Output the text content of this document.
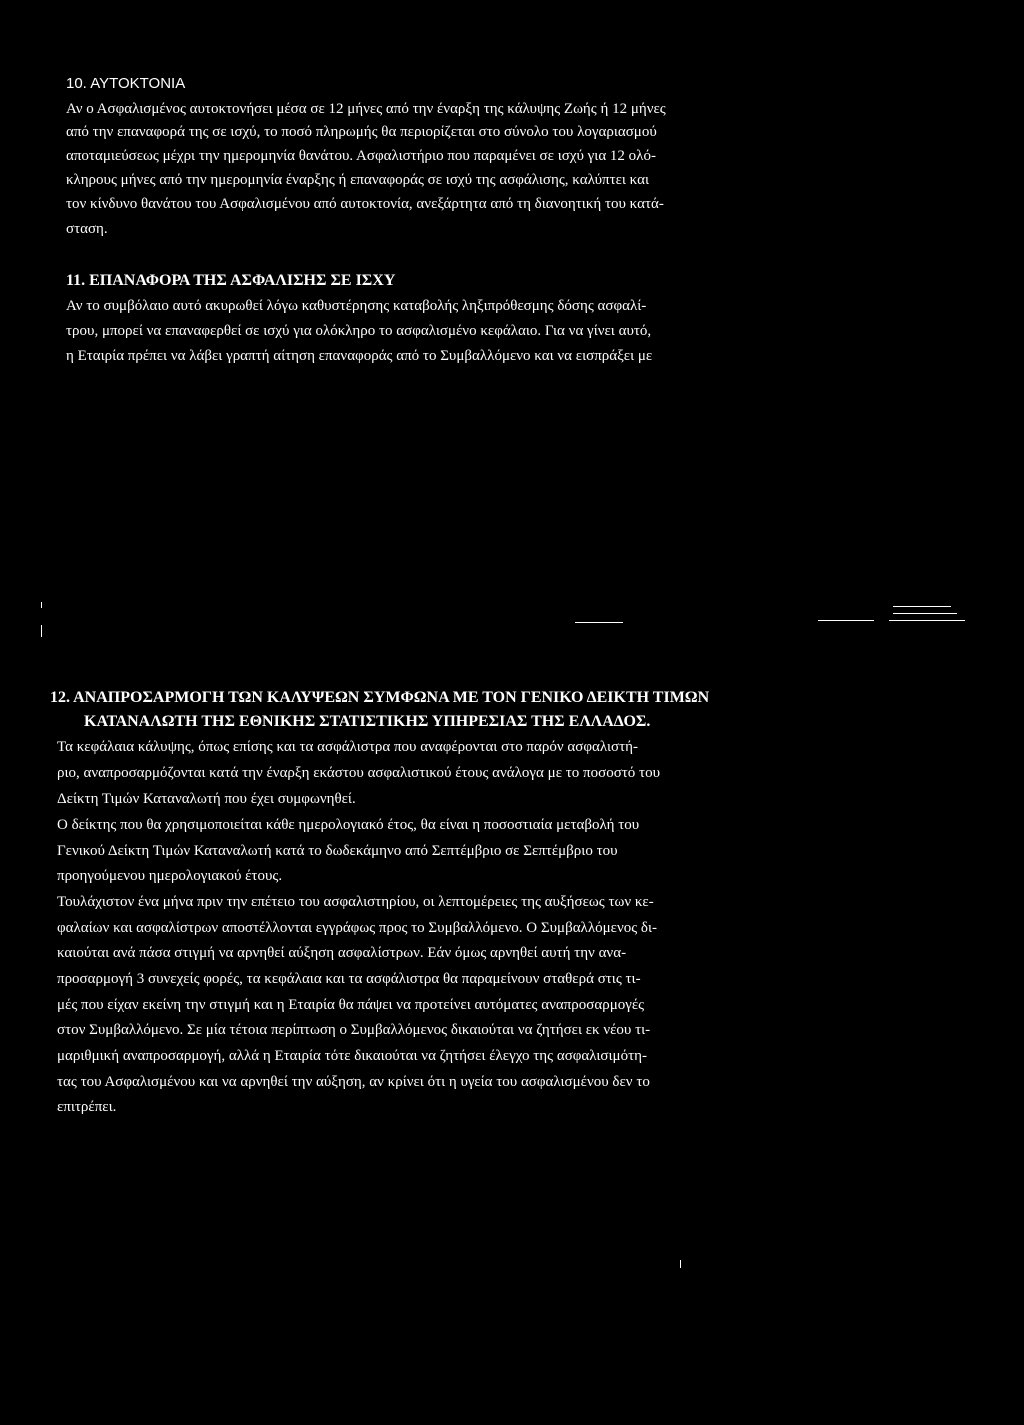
10. ΑΥΤΟΚΤΟΝΙΑ
Αν ο Ασφαλισμένος αυτοκτονήσει μέσα σε 12 μήνες από την έναρξη της κάλυψης Ζωής ή 12 μήνες
από την επαναφορά της σε ισχύ, το ποσό πληρωμής θα περιορίζεται στο σύνολο του λογαριασμού
αποταμιεύσεως μέχρι την ημερομηνία θανάτου. Ασφαλιστήριο που παραμένει σε ισχύ για 12 ολό-
κληρους μήνες από την ημερομηνία έναρξης ή επαναφοράς σε ισχύ της ασφάλισης, καλύπτει και
τον κίνδυνο θανάτου του Ασφαλισμένου από αυτοκτονία, ανεξάρτητα από τη διανοητική του κατά-
σταση.
11. ΕΠΑΝΑΦΟΡΑ ΤΗΣ ΑΣΦΑΛΙΣΗΣ ΣΕ ΙΣΧΥ
Αν το συμβόλαιο αυτό ακυρωθεί λόγω καθυστέρησης καταβολής ληξιπρόθεσμης δόσης ασφαλί-
τρου, μπορεί να επαναφερθεί σε ισχύ για ολόκληρο το ασφαλισμένο κεφάλαιο. Για να γίνει αυτό,
η Εταιρία πρέπει να λάβει γραπτή αίτηση επαναφοράς από το Συμβαλλόμενο και να εισπράξει με
12. ΑΝΑΠΡΟΣΑΡΜΟΓΗ ΤΩΝ ΚΑΛΥΨΕΩΝ ΣΥΜΦΩΝΑ ΜΕ ΤΟΝ ΓΕΝΙΚΟ ΔΕΙΚΤΗ ΤΙΜΩΝ
ΚΑΤΑΝΑΛΩΤΗ ΤΗΣ ΕΘΝΙΚΗΣ ΣΤΑΤΙΣΤΙΚΗΣ ΥΠΗΡΕΣΙΑΣ ΤΗΣ ΕΛΛΑΔΟΣ.
Τα κεφάλαια κάλυψης, όπως επίσης και τα ασφάλιστρα που αναφέρονται στο παρόν ασφαλιστή-
ριο, αναπροσαρμόζονται κατά την έναρξη εκάστου ασφαλιστικού έτους ανάλογα με το ποσοστό του
Δείκτη Τιμών Καταναλωτή που έχει συμφωνηθεί.
Ο δείκτης που θα χρησιμοποιείται κάθε ημερολογιακό έτος, θα είναι η ποσοστιαία μεταβολή του
Γενικού Δείκτη Τιμών Καταναλωτή κατά το δωδεκάμηνο από Σεπτέμβριο σε Σεπτέμβριο του
προηγούμενου ημερολογιακού έτους.
Τουλάχιστον ένα μήνα πριν την επέτειο του ασφαλιστηρίου, οι λεπτομέρειες της αυξήσεως των κε-
φαλαίων και ασφαλίστρων αποστέλλονται εγγράφως προς το Συμβαλλόμενο. Ο Συμβαλλόμενος δι-
καιούται ανά πάσα στιγμή να αρνηθεί αύξηση ασφαλίστρων. Εάν όμως αρνηθεί αυτή την ανα-
προσαρμογή 3 συνεχείς φορές, τα κεφάλαια και τα ασφάλιστρα θα παραμείνουν σταθερά στις τι-
μές που είχαν εκείνη την στιγμή και η Εταιρία θα πάψει να προτείνει αυτόματες αναπροσαρμογές
στον Συμβαλλόμενο. Σε μία τέτοια περίπτωση ο Συμβαλλόμενος δικαιούται να ζητήσει εκ νέου τι-
μαριθμική αναπροσαρμογή, αλλά η Εταιρία τότε δικαιούται να ζητήσει έλεγχο της ασφαλισιμότη-
τας του Ασφαλισμένου και να αρνηθεί την αύξηση, αν κρίνει ότι η υγεία του ασφαλισμένου δεν το
επιτρέπει.
